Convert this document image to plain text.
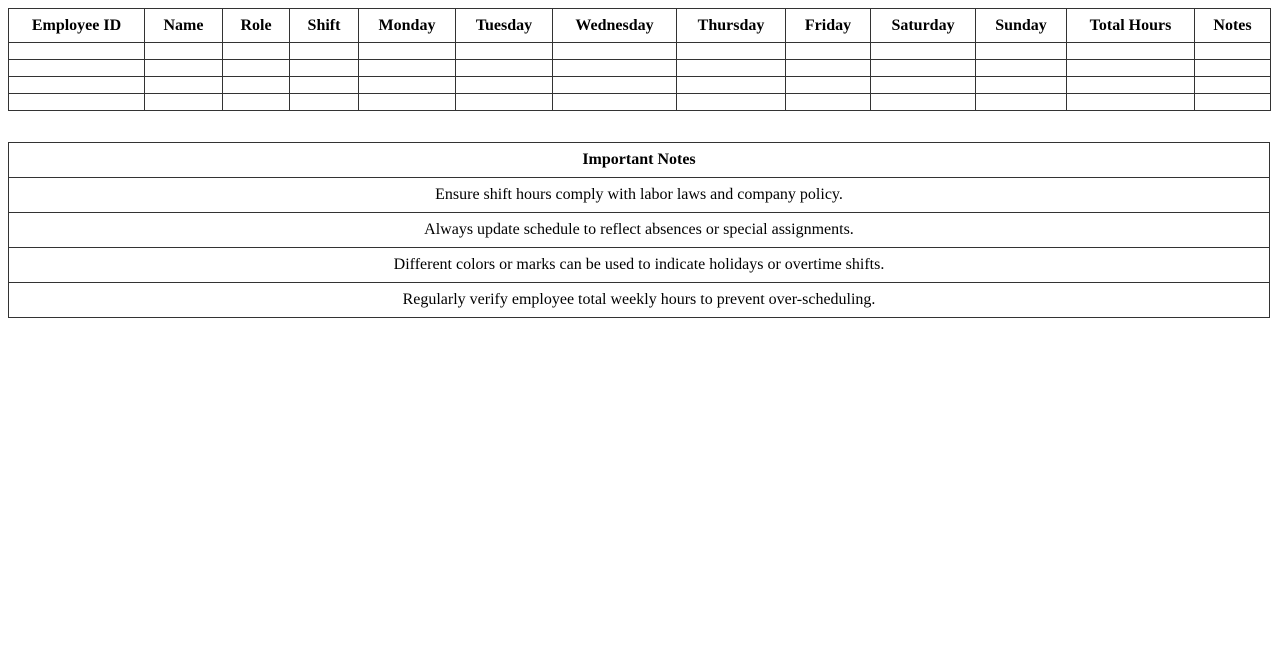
Employee ID	Name	Role	Shift	Monday	Tuesday	Wednesday	Thursday	Friday	Saturday	Sunday	Total Hours	Notes

Important Notes
Ensure shift hours comply with labor laws and company policy.
Always update schedule to reflect absences or special assignments.
Different colors or marks can be used to indicate holidays or overtime shifts.
Regularly verify employee total weekly hours to prevent over-scheduling.
